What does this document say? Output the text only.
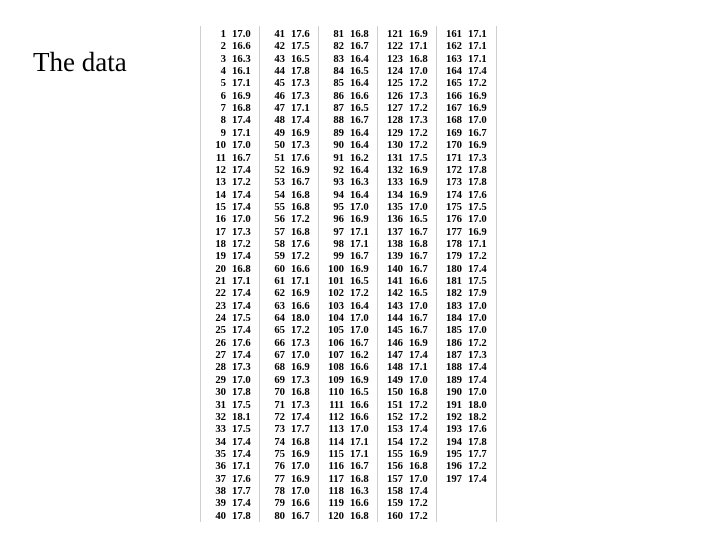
The data
1 17.0
2 16.6
3 16.3
4 16.1
5 17.1
6 16.9
7 16.8
8 17.4
9 17.1
10 17.0
11 16.7
12 17.4
13 17.2
14 17.4
15 17.4
16 17.0
17 17.3
18 17.2
19 17.4
20 16.8
21 17.1
22 17.4
23 17.4
24 17.5
25 17.4
26 17.6
27 17.4
28 17.3
29 17.0
30 17.8
31 17.5
32 18.1
33 17.5
34 17.4
35 17.4
36 17.1
37 17.6
38 17.7
39 17.4
40 17.8
41 17.6
42 17.5
43 16.5
44 17.8
45 17.3
46 17.3
47 17.1
48 17.4
49 16.9
50 17.3
51 17.6
52 16.9
53 16.7
54 16.8
55 16.8
56 17.2
57 16.8
58 17.6
59 17.2
60 16.6
61 17.1
62 16.9
63 16.6
64 18.0
65 17.2
66 17.3
67 17.0
68 16.9
69 17.3
70 16.8
71 17.3
72 17.4
73 17.7
74 16.8
75 16.9
76 17.0
77 16.9
78 17.0
79 16.6
80 16.7
81 16.8
82 16.7
83 16.4
84 16.5
85 16.4
86 16.6
87 16.5
88 16.7
89 16.4
90 16.4
91 16.2
92 16.4
93 16.3
94 16.4
95 17.0
96 16.9
97 17.1
98 17.1
99 16.7
100 16.9
101 16.5
102 17.2
103 16.4
104 17.0
105 17.0
106 16.7
107 16.2
108 16.6
109 16.9
110 16.5
111 16.6
112 16.6
113 17.0
114 17.1
115 17.1
116 16.7
117 16.8
118 16.3
119 16.6
120 16.8
121 16.9
122 17.1
123 16.8
124 17.0
125 17.2
126 17.3
127 17.2
128 17.3
129 17.2
130 17.2
131 17.5
132 16.9
133 16.9
134 16.9
135 17.0
136 16.5
137 16.7
138 16.8
139 16.7
140 16.7
141 16.6
142 16.5
143 17.0
144 16.7
145 16.7
146 16.9
147 17.4
148 17.1
149 17.0
150 16.8
151 17.2
152 17.2
153 17.4
154 17.2
155 16.9
156 16.8
157 17.0
158 17.4
159 17.2
160 17.2
161 17.1
162 17.1
163 17.1
164 17.4
165 17.2
166 16.9
167 16.9
168 17.0
169 16.7
170 16.9
171 17.3
172 17.8
173 17.8
174 17.6
175 17.5
176 17.0
177 16.9
178 17.1
179 17.2
180 17.4
181 17.5
182 17.9
183 17.0
184 17.0
185 17.0
186 17.2
187 17.3
188 17.4
189 17.4
190 17.0
191 18.0
192 18.2
193 17.6
194 17.8
195 17.7
196 17.2
197 17.4
